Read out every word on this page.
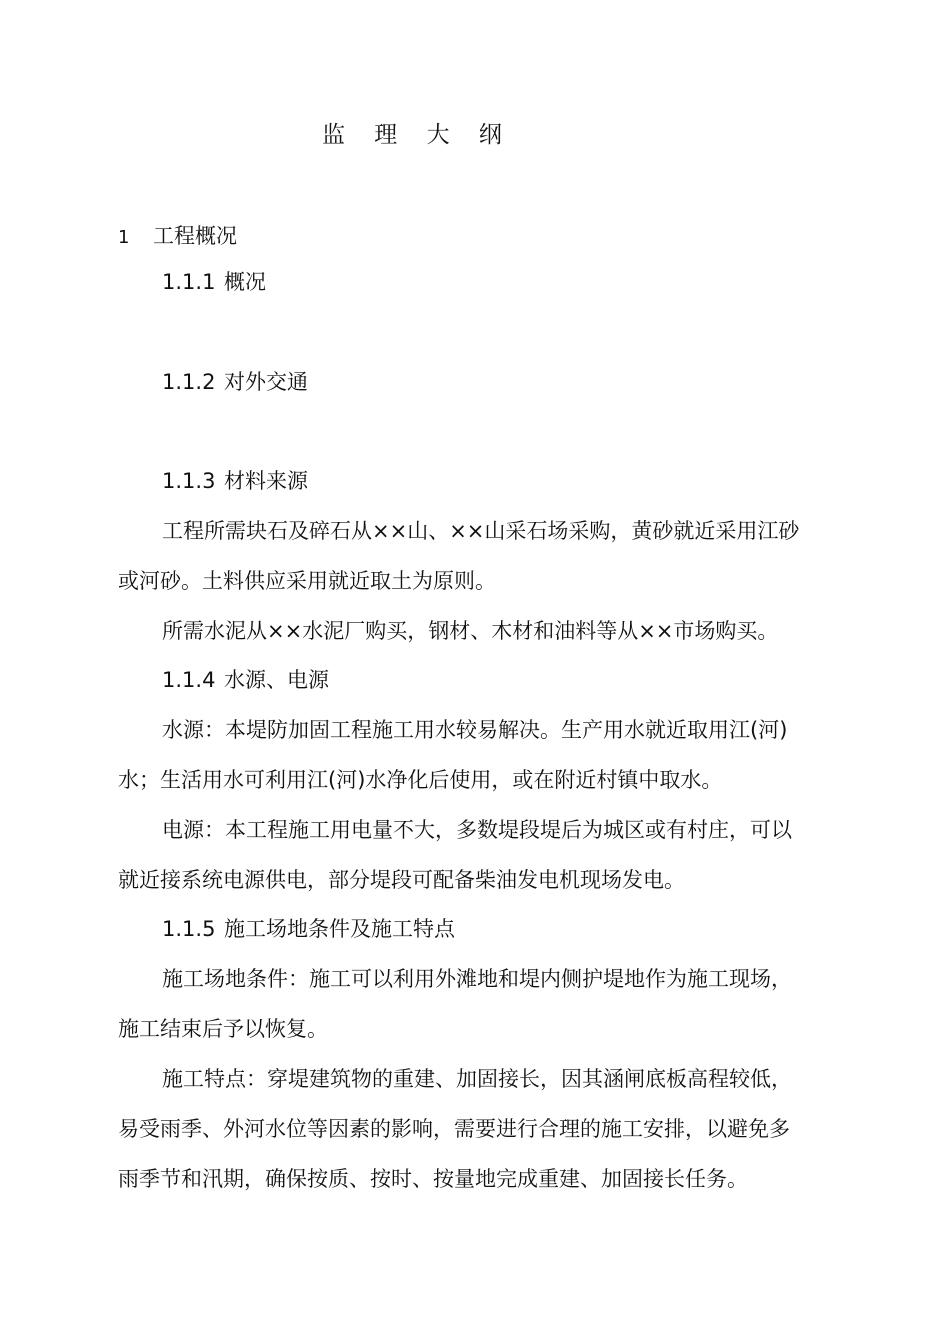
监 理 大 纲
1 工程概况
1.1.1 概况
1.1.2 对外交通
1.1.3 材料来源
工程所需块石及碎石从××山、××山采石场采购，黄砂就近采用江砂
或河砂。土料供应采用就近取土为原则。
所需水泥从××水泥厂购买，钢材、木材和油料等从××市场购买。
1.1.4 水源、电源
水源：本堤防加固工程施工用水较易解决。生产用水就近取用江(河)
水；生活用水可利用江(河)水净化后使用，或在附近村镇中取水。
电源：本工程施工用电量不大，多数堤段堤后为城区或有村庄，可以
就近接系统电源供电，部分堤段可配备柴油发电机现场发电。
1.1.5 施工场地条件及施工特点
施工场地条件：施工可以利用外滩地和堤内侧护堤地作为施工现场，
施工结束后予以恢复。
施工特点：穿堤建筑物的重建、加固接长，因其涵闸底板高程较低，
易受雨季、外河水位等因素的影响，需要进行合理的施工安排，以避免多
雨季节和汛期，确保按质、按时、按量地完成重建、加固接长任务。
